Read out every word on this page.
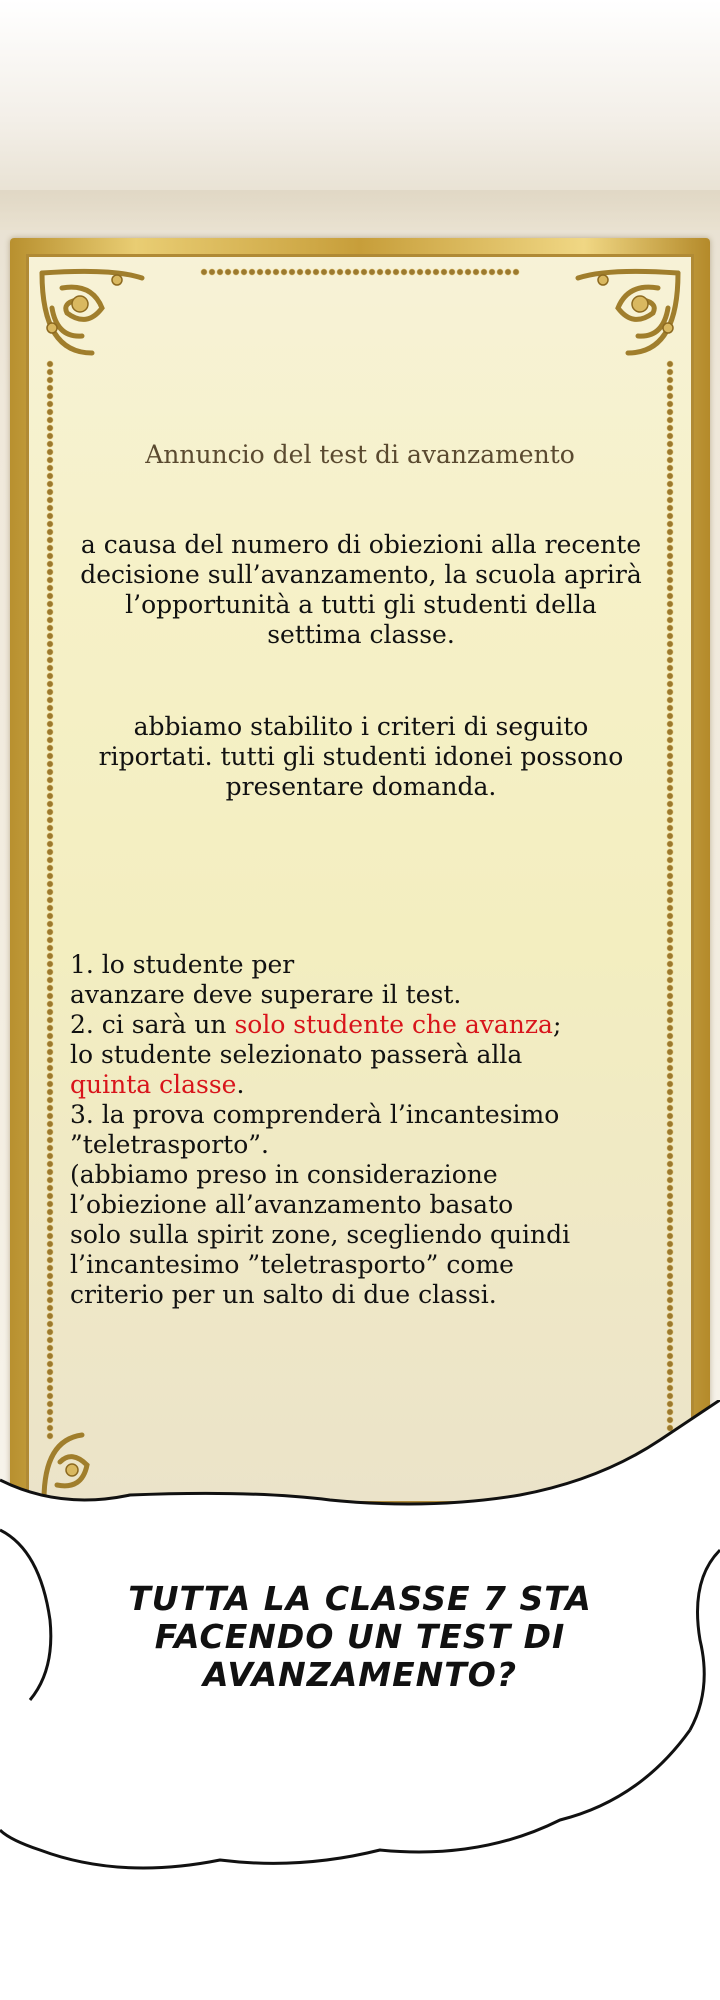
Annuncio del test di avanzamento
a causa del numero di obiezioni alla recente
decisione sull’avanzamento, la scuola aprirà
l’opportunità a tutti gli studenti della
settima classe.
abbiamo stabilito i criteri di seguito
riportati. tutti gli studenti idonei possono
presentare domanda.
1. lo studente per
avanzare deve superare il test.
2. ci sarà un solo studente che avanza;
lo studente selezionato passerà alla
quinta classe.
3. la prova comprenderà l’incantesimo
”teletrasporto”.
(abbiamo preso in considerazione
l’obiezione all’avanzamento basato
solo sulla spirit zone, scegliendo quindi
l’incantesimo ”teletrasporto” come
criterio per un salto di due classi.
TUTTA LA CLASSE 7 STA
FACENDO UN TEST DI
AVANZAMENTO?
